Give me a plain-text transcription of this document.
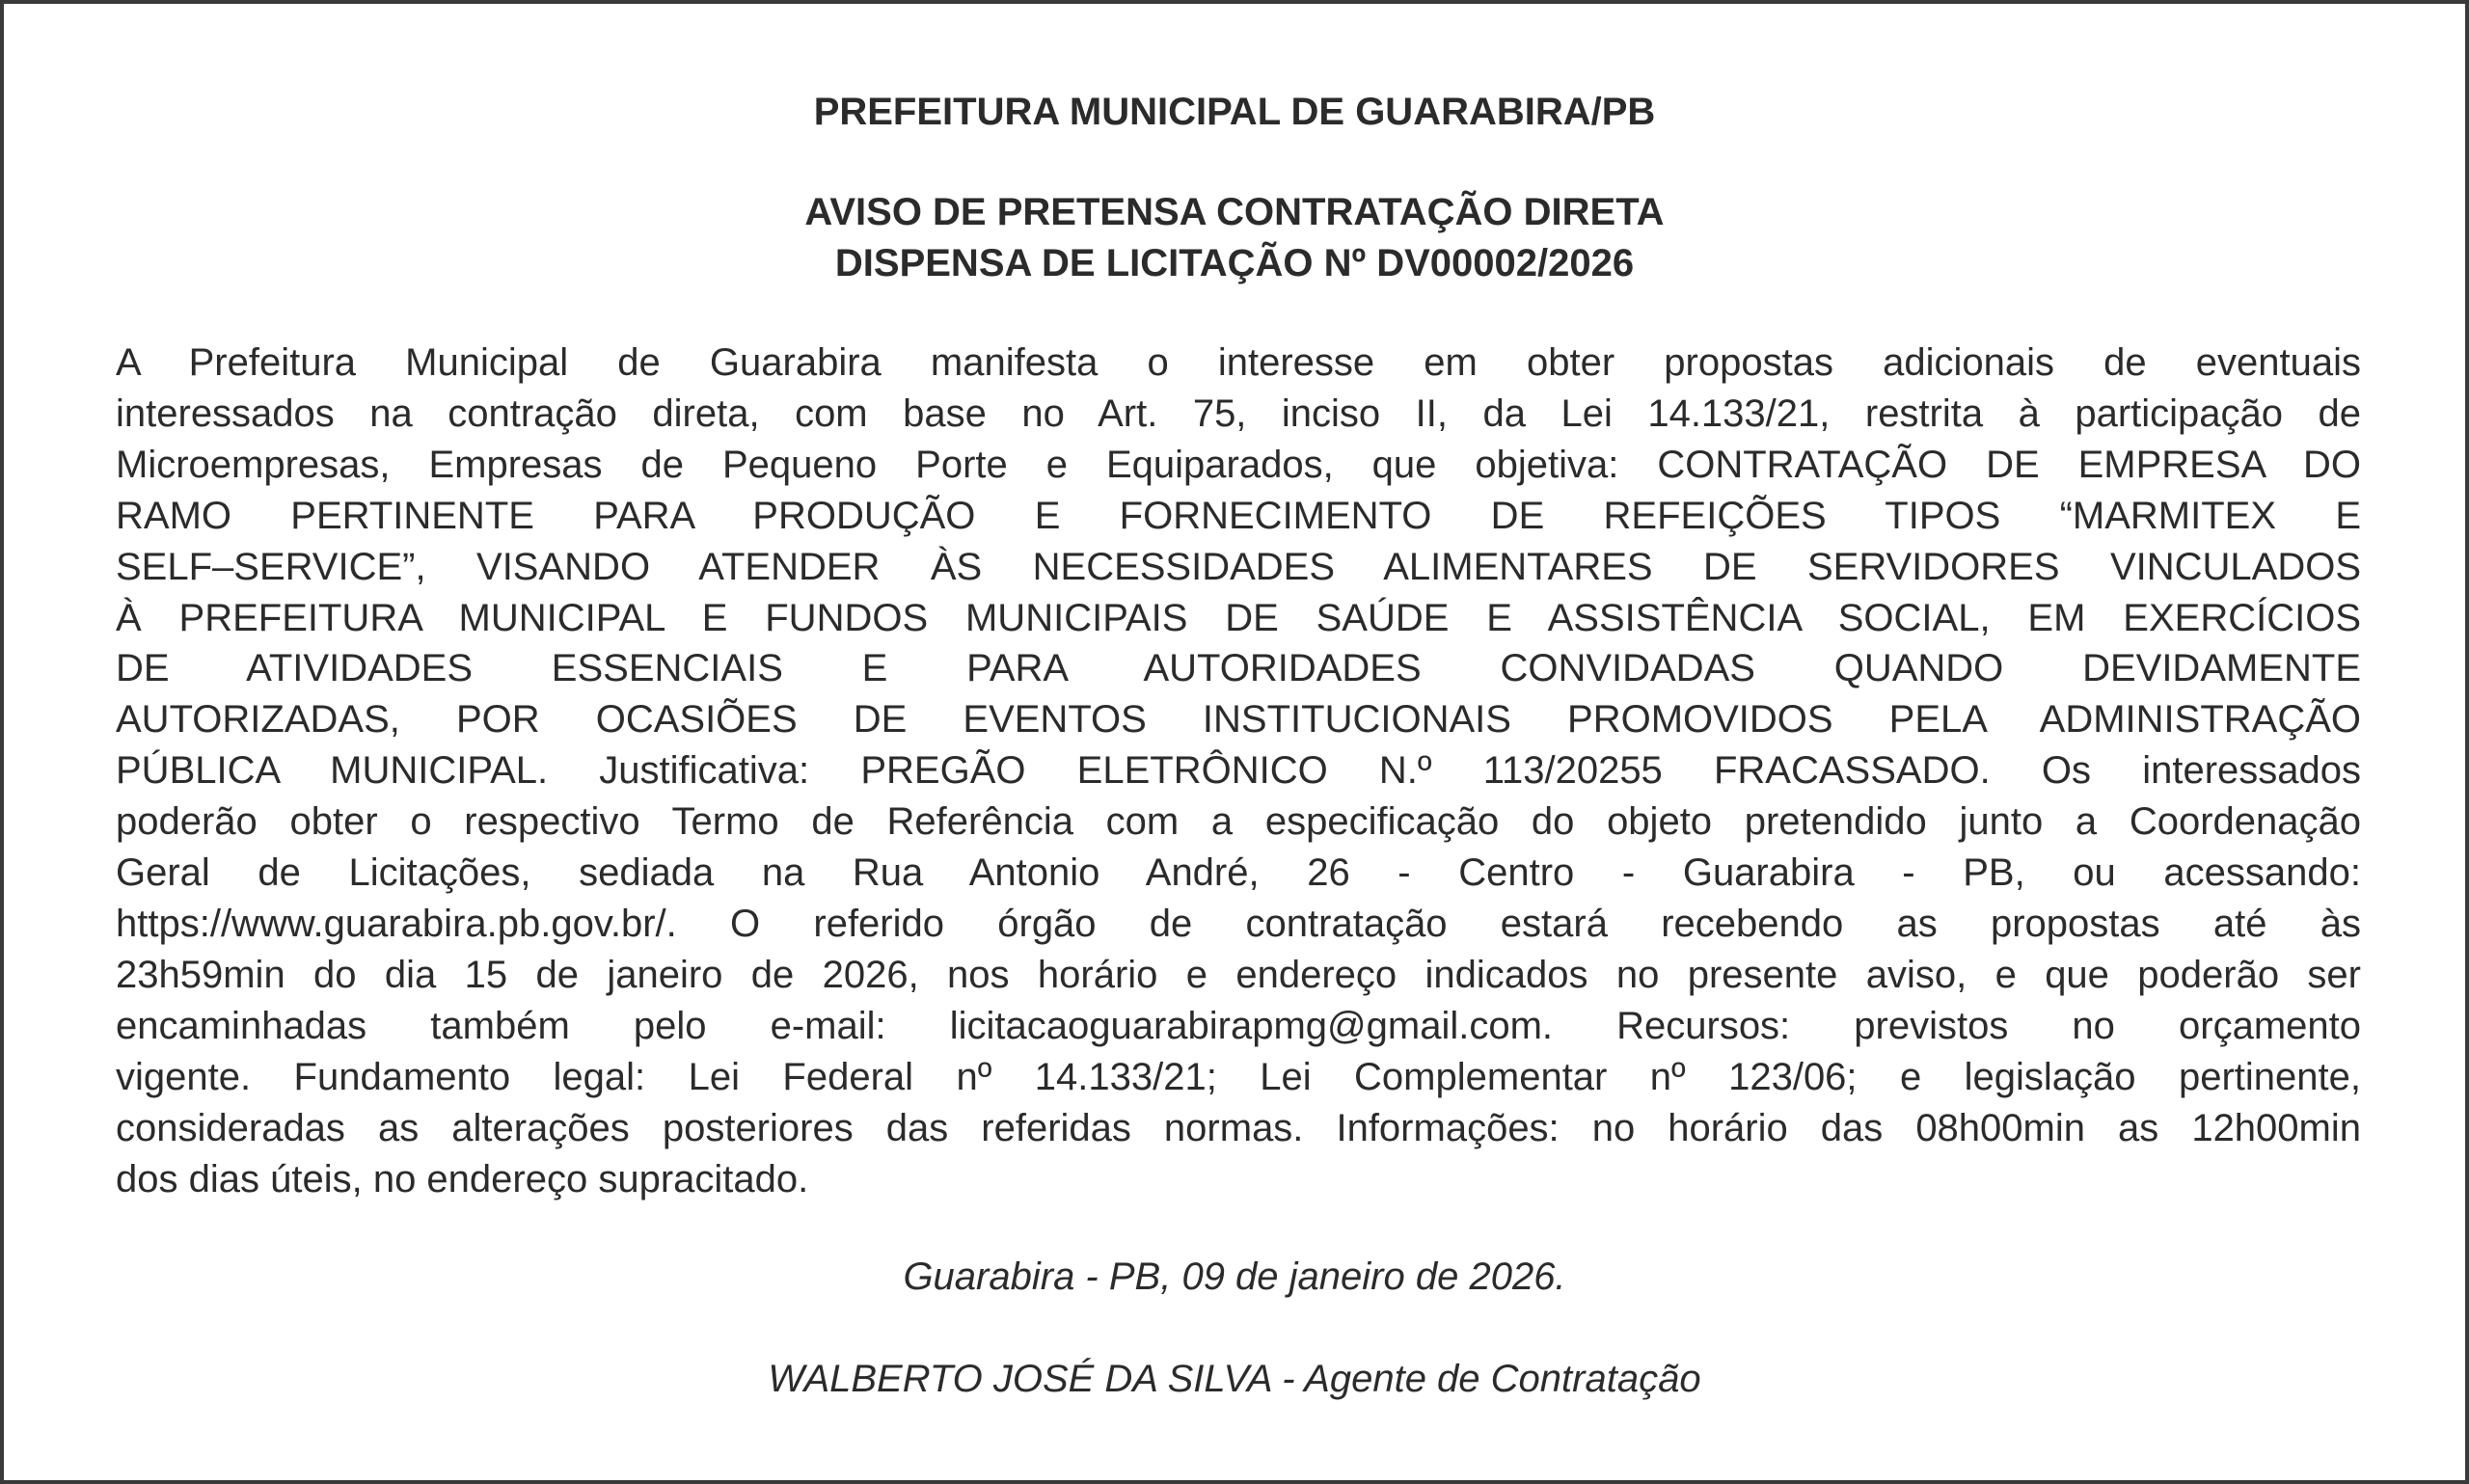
PREFEITURA MUNICIPAL DE GUARABIRA/PB

AVISO DE PRETENSA CONTRATAÇÃO DIRETA

DISPENSA DE LICITAÇÃO Nº DV00002/2026

A Prefeitura Municipal de Guarabira manifesta o interesse em obter propostas adicionais de eventuais
interessados na contração direta, com base no Art. 75, inciso II, da Lei 14.133/21, restrita à participação de
Microempresas, Empresas de Pequeno Porte e Equiparados, que objetiva: CONTRATAÇÃO DE EMPRESA DO
RAMO PERTINENTE PARA PRODUÇÃO E FORNECIMENTO DE REFEIÇÕES TIPOS “MARMITEX E
SELF–SERVICE”, VISANDO ATENDER ÀS NECESSIDADES ALIMENTARES DE SERVIDORES VINCULADOS
À PREFEITURA MUNICIPAL E FUNDOS MUNICIPAIS DE SAÚDE E ASSISTÊNCIA SOCIAL, EM EXERCÍCIOS
DE ATIVIDADES ESSENCIAIS E PARA AUTORIDADES CONVIDADAS QUANDO DEVIDAMENTE
AUTORIZADAS, POR OCASIÕES DE EVENTOS INSTITUCIONAIS PROMOVIDOS PELA ADMINISTRAÇÃO
PÚBLICA MUNICIPAL. Justificativa: PREGÃO ELETRÔNICO N.º 113/20255 FRACASSADO. Os interessados
poderão obter o respectivo Termo de Referência com a especificação do objeto pretendido junto a Coordenação
Geral de Licitações, sediada na Rua Antonio André, 26 - Centro - Guarabira - PB, ou acessando:
https://www.guarabira.pb.gov.br/. O referido órgão de contratação estará recebendo as propostas até às
23h59min do dia 15 de janeiro de 2026, nos horário e endereço indicados no presente aviso, e que poderão ser
encaminhadas também pelo e-mail: licitacaoguarabirapmg@gmail.com. Recursos: previstos no orçamento
vigente. Fundamento legal: Lei Federal nº 14.133/21; Lei Complementar nº 123/06; e legislação pertinente,
consideradas as alterações posteriores das referidas normas. Informações: no horário das 08h00min as 12h00min
dos dias úteis, no endereço supracitado.

Guarabira - PB, 09 de janeiro de 2026.

WALBERTO JOSÉ DA SILVA - Agente de Contratação
